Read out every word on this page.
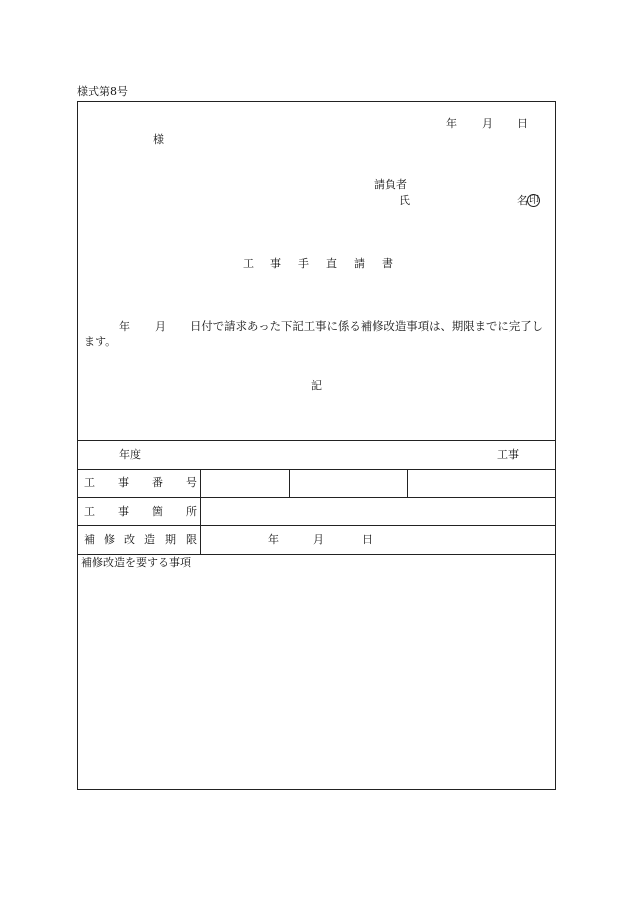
様式第8号
年 月 日
様
請負者
氏	名 印
工 事 手 直 請 書
年 月 日付で請求あった下記工事に係る補修改造事項は、期限までに完了し
ます。
記
年度	工事
工 事 番 号
工 事 箇 所
補 修 改 造 期 限	年	月	日
補修改造を要する事項
